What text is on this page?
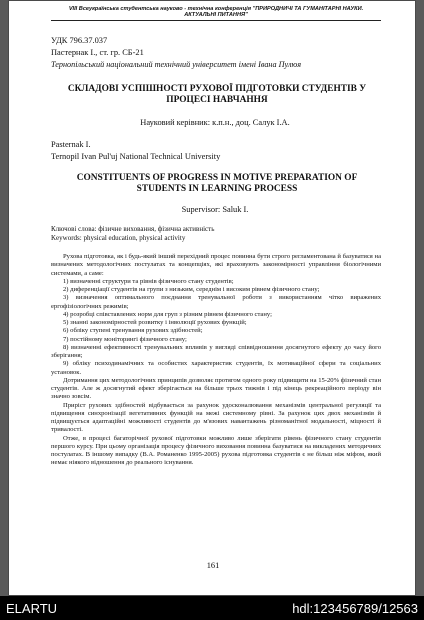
VIII Всеукраїнська студентська науково - технічна конференція "ПРИРОДНИЧІ ТА ГУМАНІТАРНІ НАУКИ.
АКТУАЛЬНІ ПИТАННЯ"
УДК 796.37.037
Пастернак І., ст. гр. СБ-21
Тернопільський національний технічний університет імені Івана Пулюя
СКЛАДОВІ УСПІШНОСТІ РУХОВОЇ ПІДГОТОВКИ СТУДЕНТІВ У
ПРОЦЕСІ НАВЧАННЯ
Науковий керівник: к.п.н., доц. Салук І.А.
Pasternak I.
Ternopil Ivan Pul'uj National Technical University
CONSTITUENTS OF PROGRESS IN MOTIVE PREPARATION OF
STUDENTS IN LEARNING PROCESS
Supervisor: Saluk I.
Ключові слова: фізичне виховання, фізична активність
Keywords: physical education, physical activity

Рухова підготовка, як і будь-який інший перехідний процес повинна бути строго регламентована й базуватися на визначених методологічних постулатах та концепціях, які враховують закономірності управління біологічними системами, а саме:

1) визначенні структури та рівнів фізичного стану студентів;

2) диференціації студентів на групи з низьким, середнім і високим рівнем фізичного стану;

3) визначення оптимального поєднання тренувальної роботи з використанням чітко виражених ергофізіологічних режимів;

4) розробці співставлених норм для груп з різним рівнем фізичного стану;

5) знанні закономірностей розвитку і інволюції рухових функцій;

6) обліку ступені тренування рухових здібностей;

7) постійному моніторингі фізичного стану;

8) визначенні ефективності тренувальних впливів у вигляді співвідношення досягнутого ефекту до часу його зберігання;

9) обліку психодинамічних та особистих характеристик студентів, їх мотиваційної сфери та соціальних установок.

Дотримання цих методологічних принципів дозволяє протягом одного року підвищити на 15-20% фізичний стан студентів. Але ж досягнутий ефект зберігається на більше трьох тижнів і під кінець рекреаційного періоду він значно зовсім.

Приріст рухових здібностей відбувається за рахунок удосконалювання механізмів центральної регуляції та підвищення синхронізації вегетативних функцій на межі системному рівні. За рахунок цих двох механізмів й підвищується адаптаційні можливості студентів до м'язових навантажень різноманітної модальності, міцності й тривалості.

Отже, в процесі багаторічної рухової підготовки можливо лише зберігати рівень фізичного стану студентів першого курсу. При цьому організація процесу фізичного виховання повинна базуватися на викладених методичних постулатах. В іншому випадку (В.А. Романенко 1995-2005) рухова підготовка студентів є не більш ніж міфом, який немає ніякого відношення до реального існування.

161
ELARTU	hdl:123456789/12563
